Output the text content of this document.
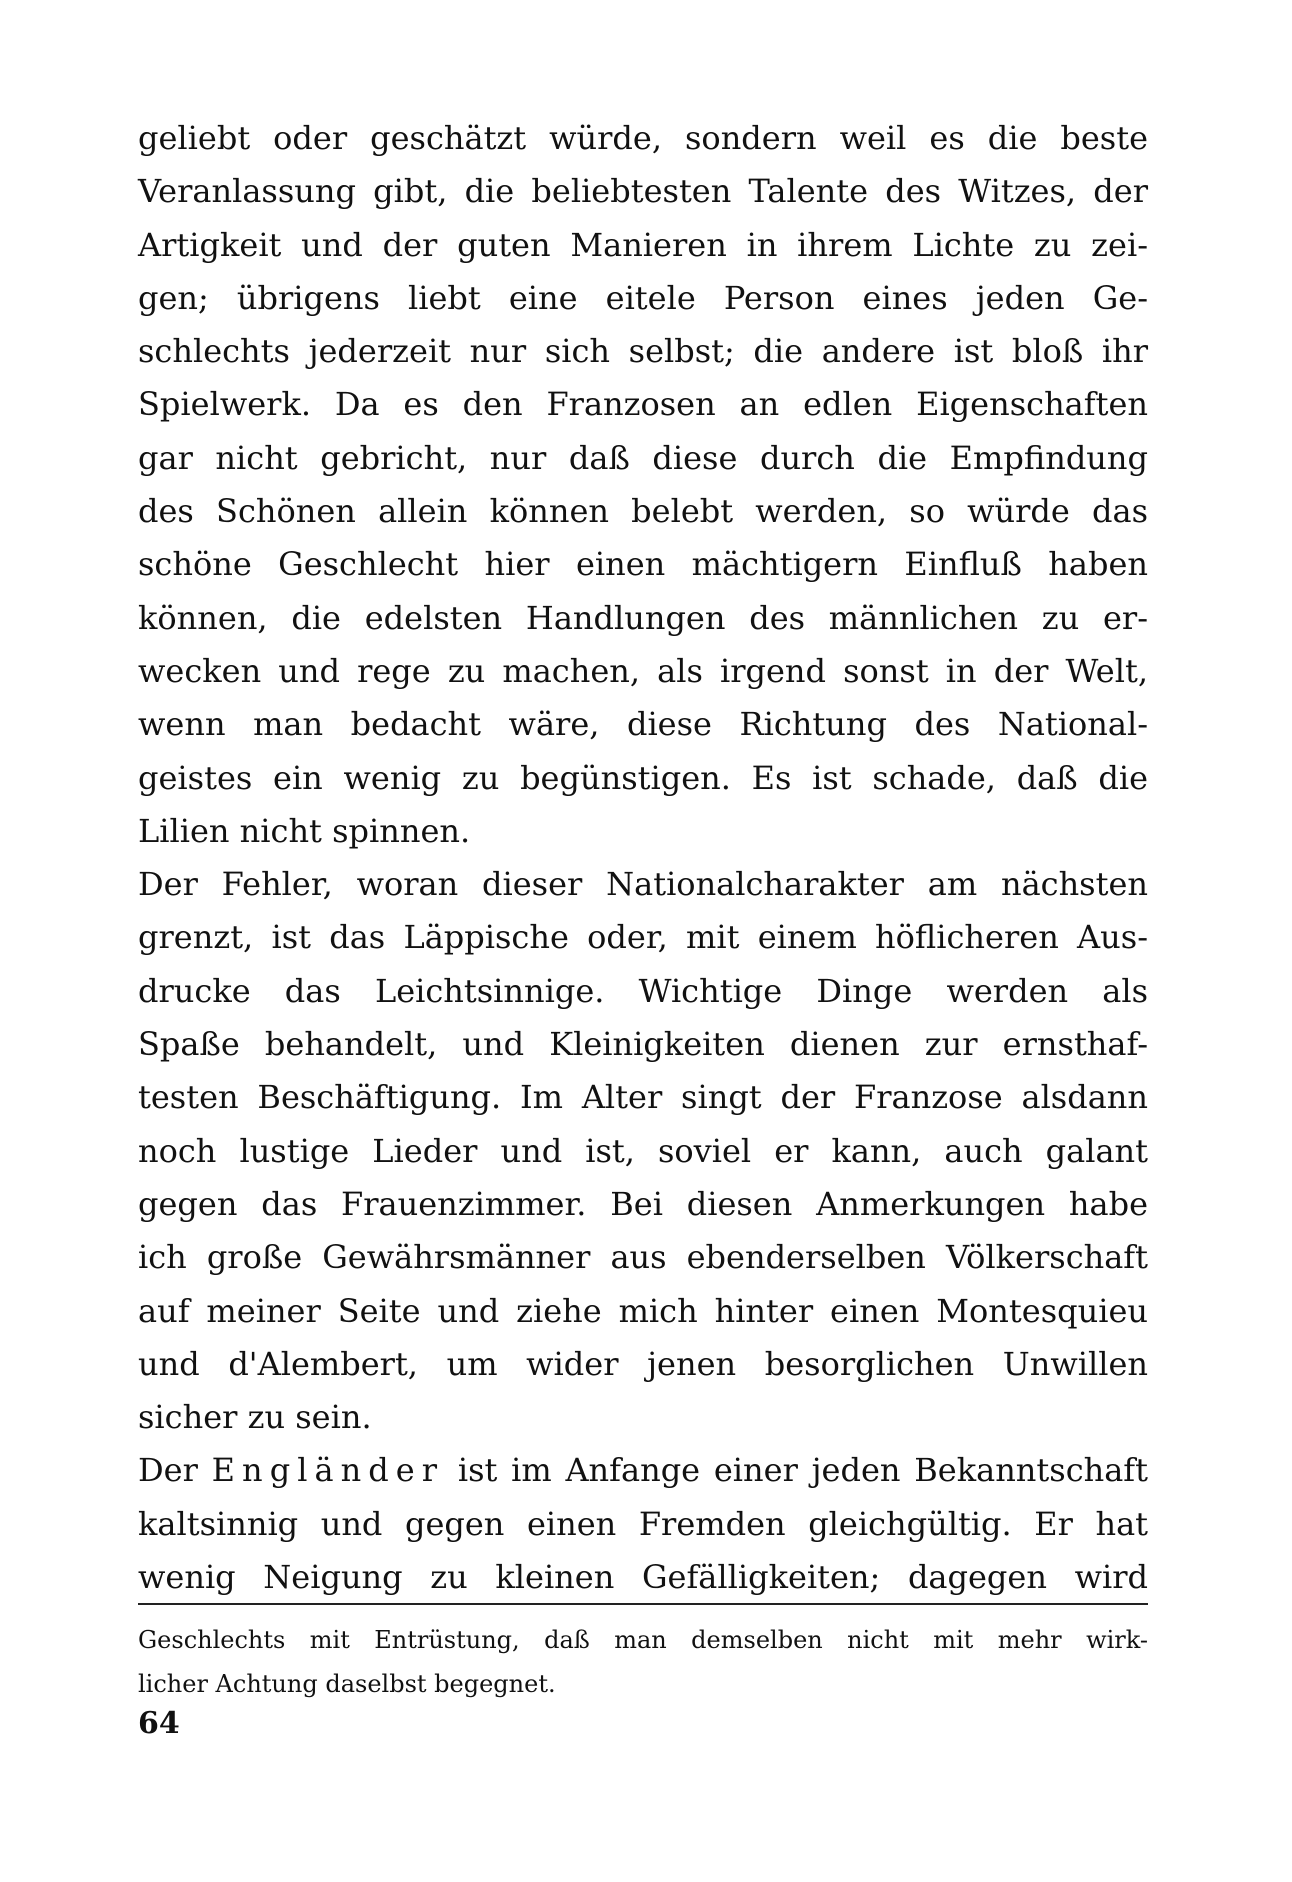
geliebt oder geschätzt würde, sondern weil es die beste
Veranlassung gibt, die beliebtesten Talente des Witzes, der
Artigkeit und der guten Manieren in ihrem Lichte zu zei-
gen; übrigens liebt eine eitele Person eines jeden Ge-
schlechts jederzeit nur sich selbst; die andere ist bloß ihr
Spielwerk. Da es den Franzosen an edlen Eigenschaften
gar nicht gebricht, nur daß diese durch die Empfindung
des Schönen allein können belebt werden, so würde das
schöne Geschlecht hier einen mächtigern Einfluß haben
können, die edelsten Handlungen des männlichen zu er-
wecken und rege zu machen, als irgend sonst in der Welt,
wenn man bedacht wäre, diese Richtung des National-
geistes ein wenig zu begünstigen. Es ist schade, daß die
Lilien nicht spinnen.
Der Fehler, woran dieser Nationalcharakter am nächsten
grenzt, ist das Läppische oder, mit einem höflicheren Aus-
drucke das Leichtsinnige. Wichtige Dinge werden als
Spaße behandelt, und Kleinigkeiten dienen zur ernsthaf-
testen Beschäftigung. Im Alter singt der Franzose alsdann
noch lustige Lieder und ist, soviel er kann, auch galant
gegen das Frauenzimmer. Bei diesen Anmerkungen habe
ich große Gewährsmänner aus ebenderselben Völkerschaft
auf meiner Seite und ziehe mich hinter einen Montesquieu
und d'Alembert, um wider jenen besorglichen Unwillen
sicher zu sein.
Der Engländer ist im Anfange einer jeden Bekanntschaft
kaltsinnig und gegen einen Fremden gleichgültig. Er hat
wenig Neigung zu kleinen Gefälligkeiten; dagegen wird
Geschlechts mit Entrüstung, daß man demselben nicht mit mehr wirk-
licher Achtung daselbst begegnet.
64
